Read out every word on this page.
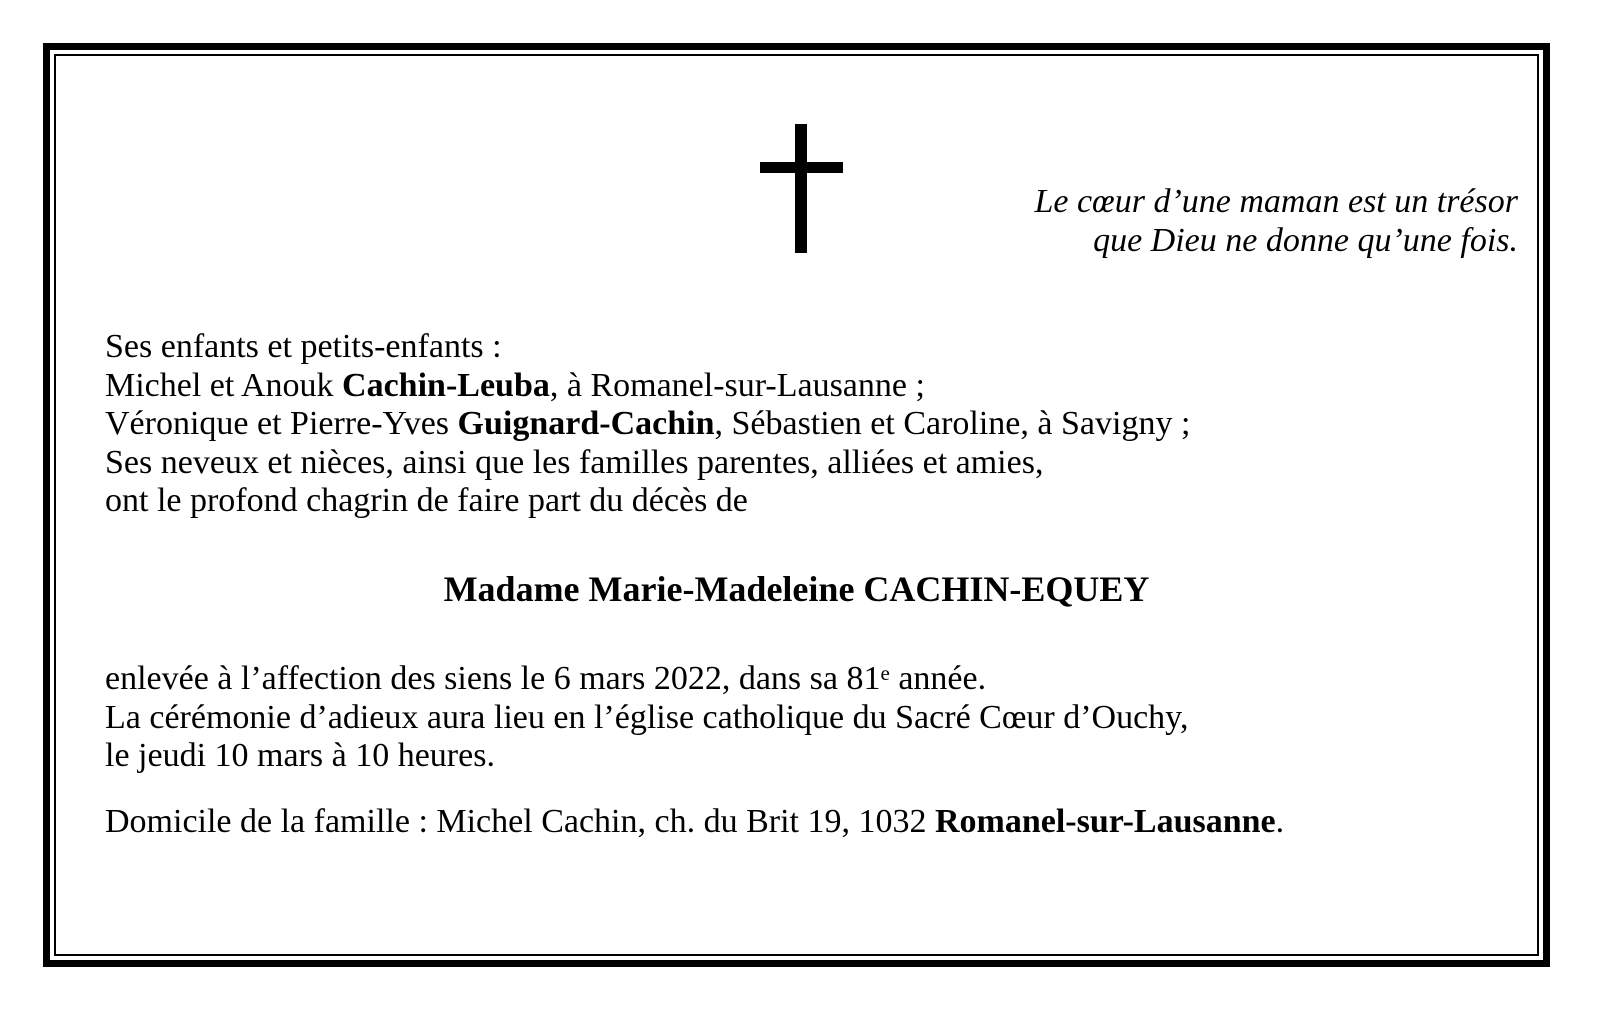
Le cœur d’une maman est un trésor
que Dieu ne donne qu’une fois.
Ses enfants et petits-enfants :
Michel et Anouk Cachin-Leuba, à Romanel-sur-Lausanne ;
Véronique et Pierre-Yves Guignard-Cachin, Sébastien et Caroline, à Savigny ;
Ses neveux et nièces, ainsi que les familles parentes, alliées et amies,
ont le profond chagrin de faire part du décès de
Madame Marie-Madeleine CACHIN-EQUEY
enlevée à l’affection des siens le 6 mars 2022, dans sa 81e année.
La cérémonie d’adieux aura lieu en l’église catholique du Sacré Cœur d’Ouchy,
le jeudi 10 mars à 10 heures.
Domicile de la famille : Michel Cachin, ch. du Brit 19, 1032 Romanel-sur-Lausanne.
